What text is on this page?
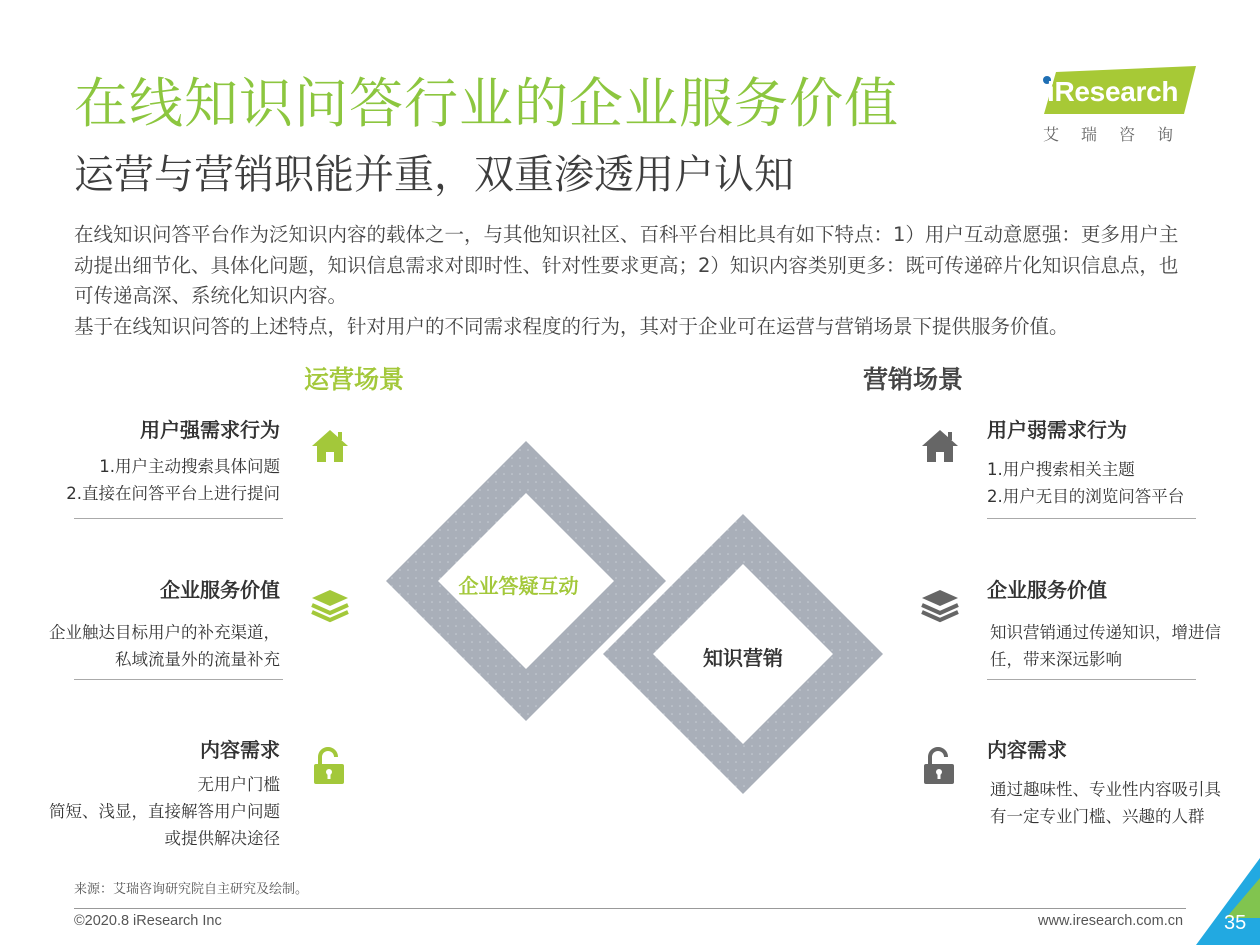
在线知识问答行业的企业服务价值
运营与营销职能并重，双重渗透用户认知
iResearch
艾瑞咨询

在线知识问答平台作为泛知识内容的载体之一，与其他知识社区、百科平台相比具有如下特点：1）用户互动意愿强：更多用户主动提出细节化、具体化问题，知识信息需求对即时性、针对性要求更高；2）知识内容类别更多：既可传递碎片化知识信息点，也可传递高深、系统化知识内容。

基于在线知识问答的上述特点，针对用户的不同需求程度的行为，其对于企业可在运营与营销场景下提供服务价值。

运营场景	营销场景
用户强需求行为
1.用户主动搜索具体问题
2.直接在问答平台上进行提问
企业服务价值
企业触达目标用户的补充渠道，
私域流量外的流量补充
内容需求
无用户门槛
简短、浅显，直接解答用户问题
或提供解决途径
用户弱需求行为
1.用户搜索相关主题
2.用户无目的浏览问答平台
企业服务价值
知识营销通过传递知识，增进信
任，带来深远影响
内容需求
通过趣味性、专业性内容吸引具
有一定专业门槛、兴趣的人群
企业答疑互动
知识营销
来源：艾瑞咨询研究院自主研究及绘制。
©2020.8 iResearch Inc	www.iresearch.com.cn 35
